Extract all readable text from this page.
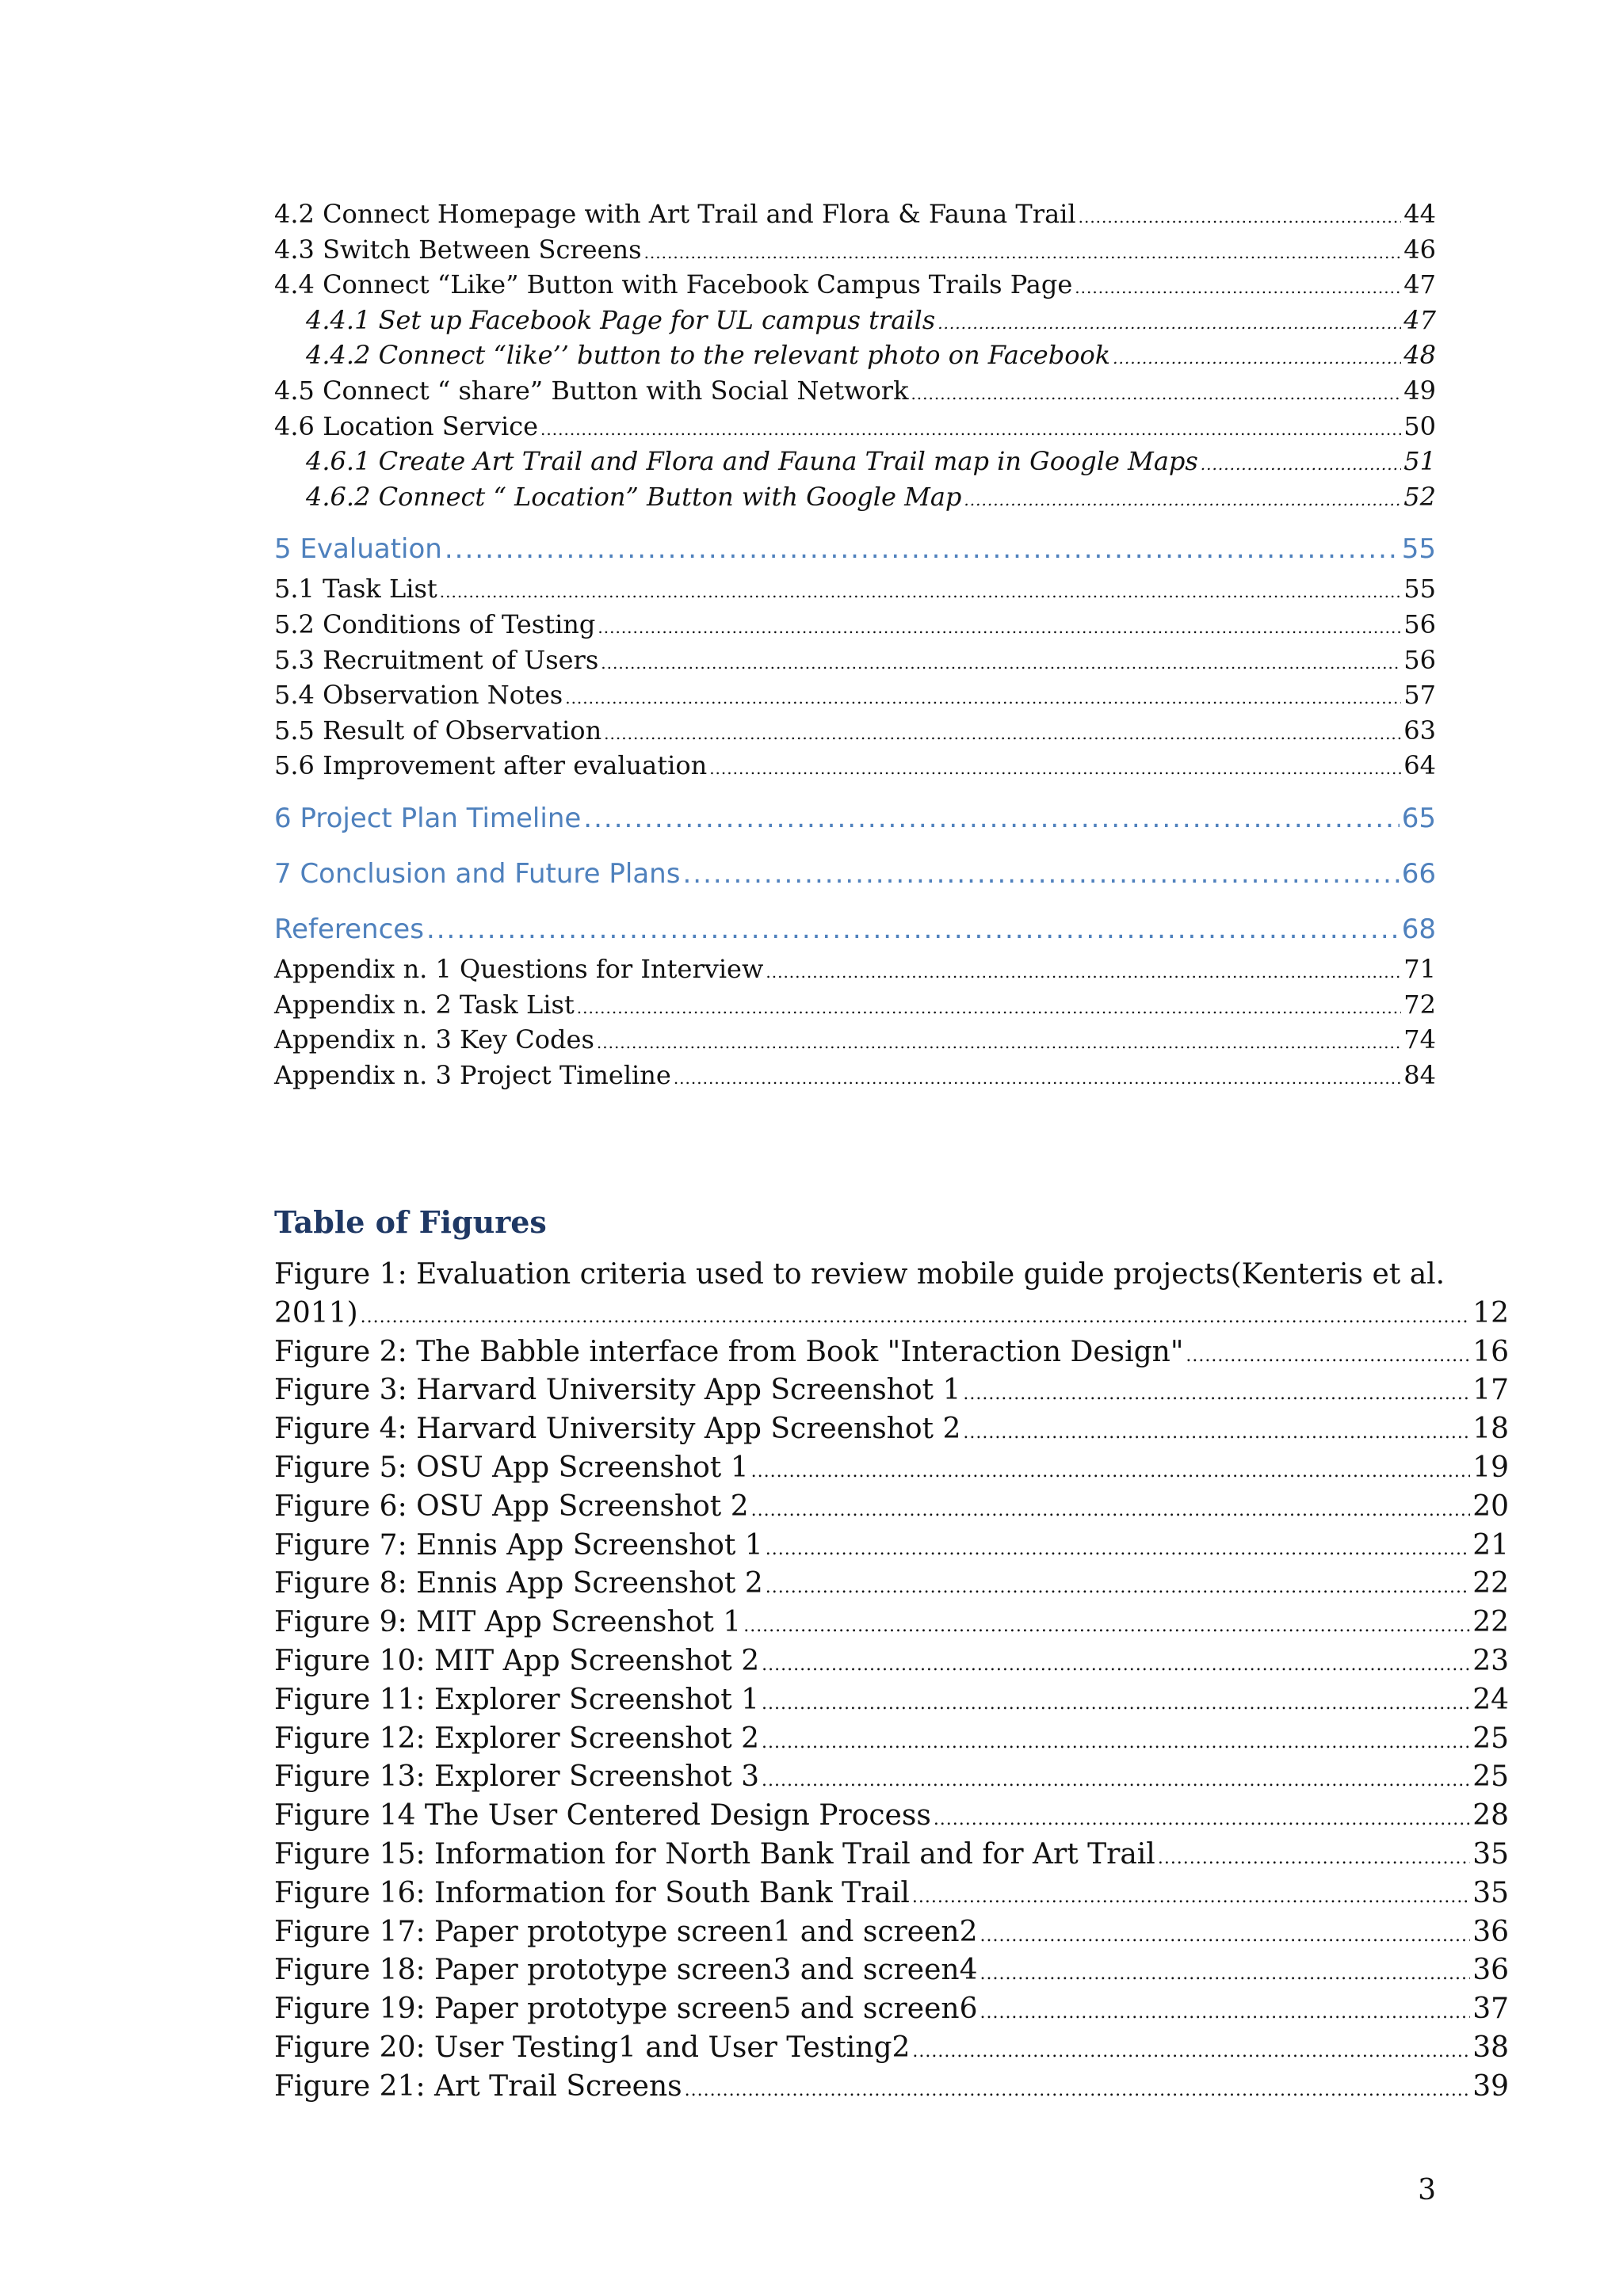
4.2 Connect Homepage with Art Trail and Flora & Fauna Trail .....	44
4.3 Switch Between Screens .....	46
4.4 Connect “Like” Button with Facebook Campus Trails Page .....	47
4.4.1 Set up Facebook Page for UL campus trails .....	47
4.4.2 Connect “like’’ button to the relevant photo on Facebook .....	48
4.5 Connect “ share” Button with Social Network .....	49
4.6 Location Service .....	50
4.6.1 Create Art Trail and Flora and Fauna Trail map in Google Maps .....	51
4.6.2 Connect “ Location” Button with Google Map .....	52
5 Evaluation .....	55
5.1 Task List .....	55
5.2 Conditions of Testing .....	56
5.3 Recruitment of Users .....	56
5.4 Observation Notes .....	57
5.5 Result of Observation .....	63
5.6 Improvement after evaluation .....	64
6 Project Plan Timeline .....	65
7 Conclusion and Future Plans .....	66
References .....	68
Appendix n. 1 Questions for Interview .....	71
Appendix n. 2 Task List .....	72
Appendix n. 3 Key Codes .....	74
Appendix n. 3 Project Timeline .....	84
Table of Figures
Figure 1: Evaluation criteria used to review mobile guide projects(Kenteris et al.
2011) .....	12
Figure 2: The Babble interface from Book "Interaction Design" .....	16
Figure 3: Harvard University App Screenshot 1 .....	17
Figure 4: Harvard University App Screenshot 2 .....	18
Figure 5: OSU App Screenshot 1 .....	19
Figure 6: OSU App Screenshot 2 .....	20
Figure 7: Ennis App Screenshot 1 .....	21
Figure 8: Ennis App Screenshot 2 .....	22
Figure 9: MIT App Screenshot 1 .....	22
Figure 10: MIT App Screenshot 2 .....	23
Figure 11: Explorer Screenshot 1 .....	24
Figure 12: Explorer Screenshot 2 .....	25
Figure 13: Explorer Screenshot 3 .....	25
Figure 14 The User Centered Design Process .....	28
Figure 15: Information for North Bank Trail and for Art Trail .....	35
Figure 16: Information for South Bank Trail .....	35
Figure 17: Paper prototype screen1 and screen2 .....	36
Figure 18: Paper prototype screen3 and screen4 .....	36
Figure 19: Paper prototype screen5 and screen6 .....	37
Figure 20: User Testing1 and User Testing2 .....	38
Figure 21: Art Trail Screens .....	39
3
